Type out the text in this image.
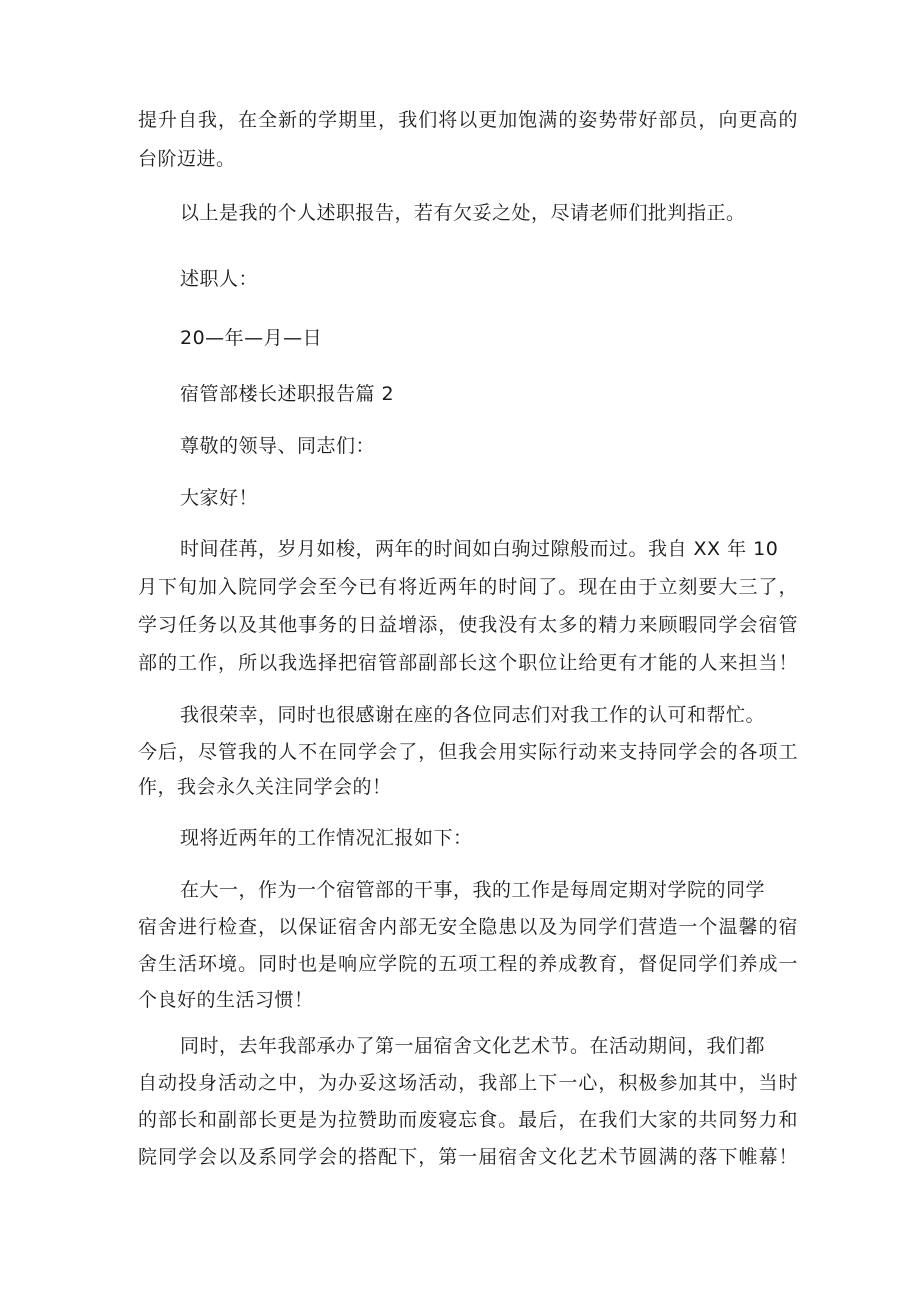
提升自我，在全新的学期里，我们将以更加饱满的姿势带好部员，向更高的
台阶迈进。
以上是我的个人述职报告，若有欠妥之处，尽请老师们批判指正。
述职人：
20—年—月—日
宿管部楼长述职报告篇 2
尊敬的领导、同志们：
大家好！
时间荏苒，岁月如梭，两年的时间如白驹过隙般而过。我自 XX 年 10
月下旬加入院同学会至今已有将近两年的时间了。现在由于立刻要大三了，
学习任务以及其他事务的日益增添，使我没有太多的精力来顾暇同学会宿管
部的工作，所以我选择把宿管部副部长这个职位让给更有才能的人来担当！
我很荣幸，同时也很感谢在座的各位同志们对我工作的认可和帮忙。
今后，尽管我的人不在同学会了，但我会用实际行动来支持同学会的各项工
作，我会永久关注同学会的！
现将近两年的工作情况汇报如下：
在大一，作为一个宿管部的干事，我的工作是每周定期对学院的同学
宿舍进行检查，以保证宿舍内部无安全隐患以及为同学们营造一个温馨的宿
舍生活环境。同时也是响应学院的五项工程的养成教育，督促同学们养成一
个良好的生活习惯！
同时，去年我部承办了第一届宿舍文化艺术节。在活动期间，我们都
自动投身活动之中，为办妥这场活动，我部上下一心，积极参加其中，当时
的部长和副部长更是为拉赞助而废寝忘食。最后，在我们大家的共同努力和
院同学会以及系同学会的搭配下，第一届宿舍文化艺术节圆满的落下帷幕！
